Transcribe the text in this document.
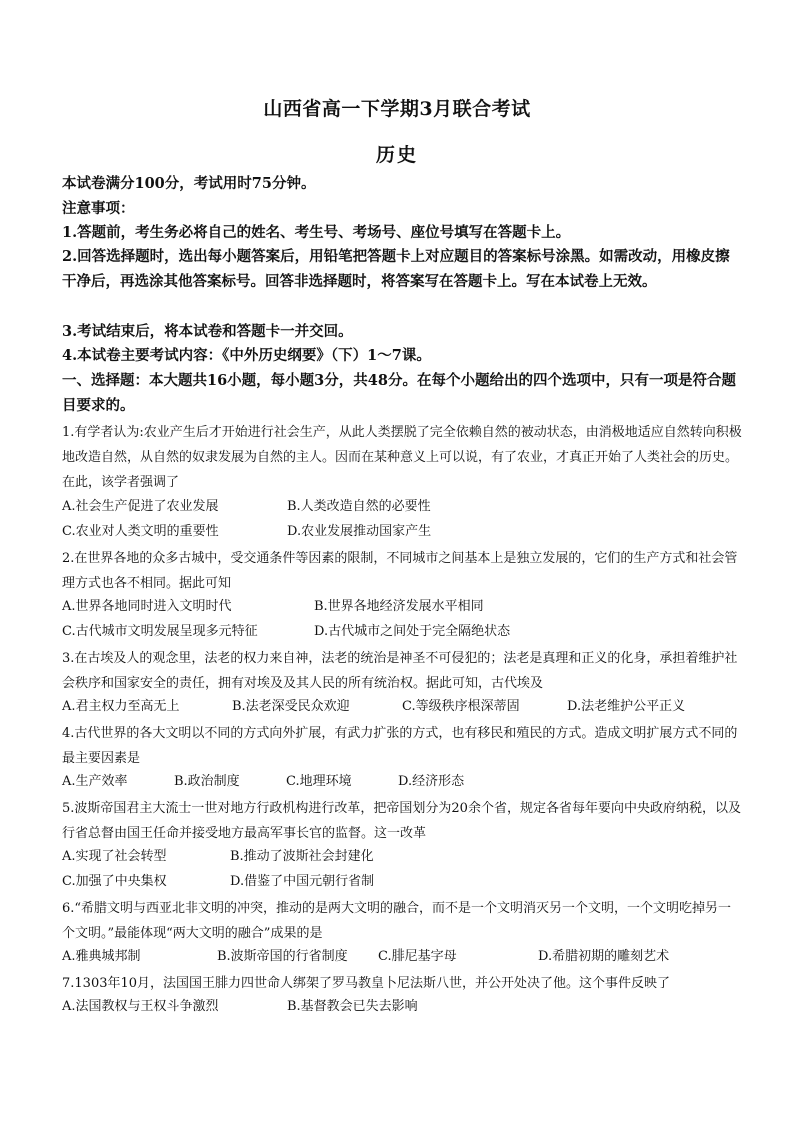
山西省高一下学期3月联合考试
历史
本试卷满分100分，考试用时75分钟。
注意事项：
1.答题前，考生务必将自己的姓名、考生号、考场号、座位号填写在答题卡上。
2.回答选择题时，选出每小题答案后，用铅笔把答题卡上对应题目的答案标号涂黑。如需改动，用橡皮擦干净后，再选涂其他答案标号。回答非选择题时，将答案写在答题卡上。写在本试卷上无效。
3.考试结束后，将本试卷和答题卡一并交回。
4.本试卷主要考试内容：《中外历史纲要》（下）1～7课。
一、选择题：本大题共16小题，每小题3分，共48分。在每个小题给出的四个选项中，只有一项是符合题目要求的。
1.有学者认为:农业产生后才开始进行社会生产，从此人类摆脱了完全依赖自然的被动状态，由消极地适应自然转向积极地改造自然，从自然的奴隶发展为自然的主人。因而在某种意义上可以说，有了农业，才真正开始了人类社会的历史。在此，该学者强调了
A.社会生产促进了农业发展	B.人类改造自然的必要性
C.农业对人类文明的重要性	D.农业发展推动国家产生
2.在世界各地的众多古城中，受交通条件等因素的限制，不同城市之间基本上是独立发展的，它们的生产方式和社会管理方式也各不相同。据此可知
A.世界各地同时进入文明时代	B.世界各地经济发展水平相同
C.古代城市文明发展呈现多元特征	D.古代城市之间处于完全隔绝状态
3.在古埃及人的观念里，法老的权力来自神，法老的统治是神圣不可侵犯的；法老是真理和正义的化身，承担着维护社会秩序和国家安全的责任，拥有对埃及及其人民的所有统治权。据此可知，古代埃及
A.君主权力至高无上	B.法老深受民众欢迎	C.等级秩序根深蒂固	D.法老维护公平正义
4.古代世界的各大文明以不同的方式向外扩展，有武力扩张的方式，也有移民和殖民的方式。造成文明扩展方式不同的最主要因素是
A.生产效率	B.政治制度	C.地理环境	D.经济形态
5.波斯帝国君主大流士一世对地方行政机构进行改革，把帝国划分为20余个省，规定各省每年要向中央政府纳税，以及行省总督由国王任命并接受地方最高军事长官的监督。这一改革
A.实现了社会转型	B.推动了波斯社会封建化
C.加强了中央集权	D.借鉴了中国元朝行省制
6.“希腊文明与西亚北非文明的冲突，推动的是两大文明的融合，而不是一个文明消灭另一个文明，一个文明吃掉另一个文明。”最能体现“两大文明的融合”成果的是
A.雅典城邦制	B.波斯帝国的行省制度 C.腓尼基字母	D.希腊初期的雕刻艺术
7.1303年10月，法国国王腓力四世命人绑架了罗马教皇卜尼法斯八世，并公开处决了他。这个事件反映了
A.法国教权与王权斗争激烈	B.基督教会已失去影响
